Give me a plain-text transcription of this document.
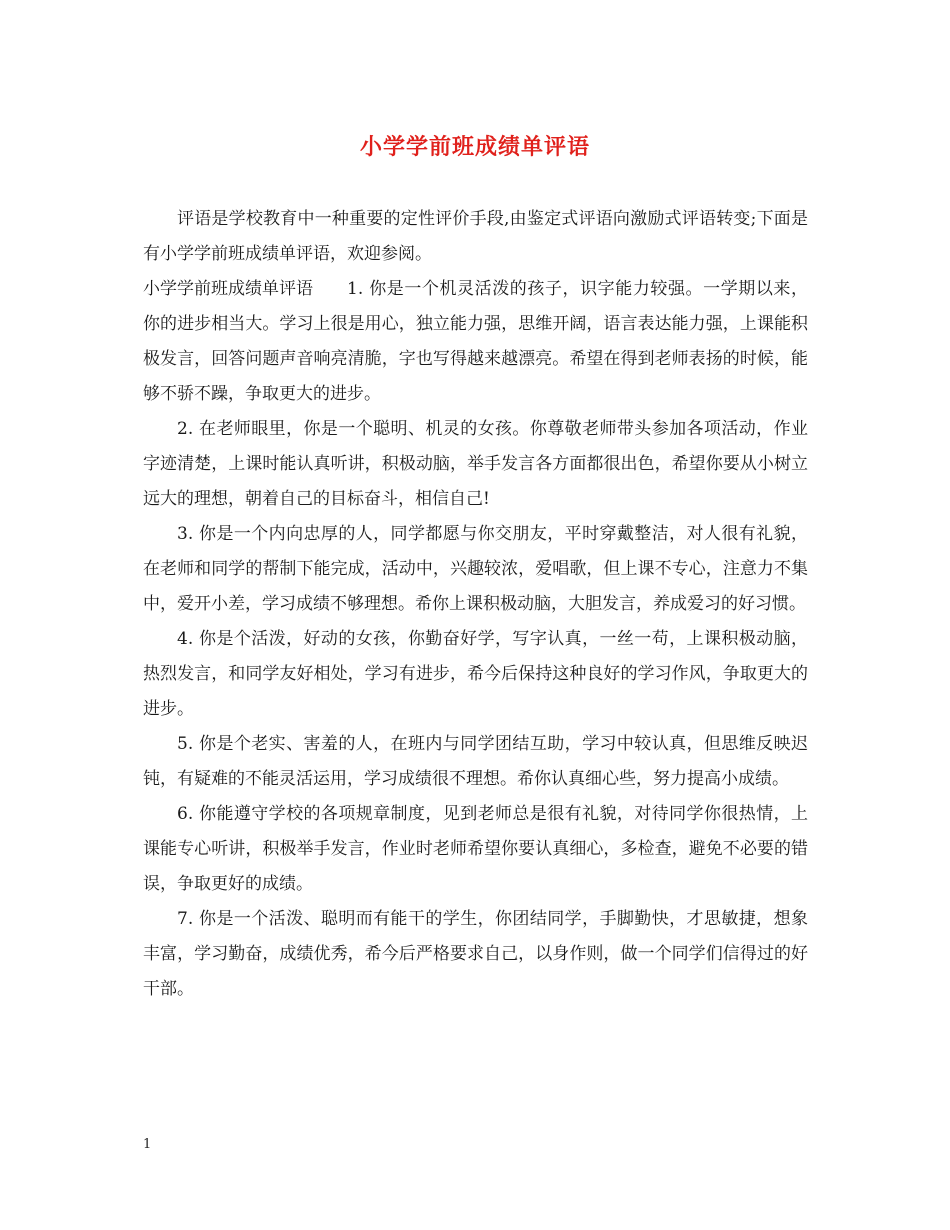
小学学前班成绩单评语

评语是学校教育中一种重要的定性评价手段,由鉴定式评语向激励式评语转变;下面是有小学学前班成绩单评语，欢迎参阅。

小学学前班成绩单评语 1. 你是一个机灵活泼的孩子，识字能力较强。一学期以来，你的进步相当大。学习上很是用心，独立能力强，思维开阔，语言表达能力强，上课能积极发言，回答问题声音响亮清脆，字也写得越来越漂亮。希望在得到老师表扬的时候，能够不骄不躁，争取更大的进步。

2. 在老师眼里，你是一个聪明、机灵的女孩。你尊敬老师带头参加各项活动，作业字迹清楚，上课时能认真听讲，积极动脑，举手发言各方面都很出色，希望你要从小树立远大的理想，朝着自己的目标奋斗，相信自己!

3. 你是一个内向忠厚的人，同学都愿与你交朋友，平时穿戴整洁，对人很有礼貌，在老师和同学的帮制下能完成，活动中，兴趣较浓，爱唱歌，但上课不专心，注意力不集中，爱开小差，学习成绩不够理想。希你上课积极动脑，大胆发言，养成爱习的好习惯。

4. 你是个活泼，好动的女孩，你勤奋好学，写字认真，一丝一苟，上课积极动脑，热烈发言，和同学友好相处，学习有进步，希今后保持这种良好的学习作风，争取更大的进步。

5. 你是个老实、害羞的人，在班内与同学团结互助，学习中较认真，但思维反映迟钝，有疑难的不能灵活运用，学习成绩很不理想。希你认真细心些，努力提高小成绩。

6. 你能遵守学校的各项规章制度，见到老师总是很有礼貌，对待同学你很热情，上课能专心听讲，积极举手发言，作业时老师希望你要认真细心，多检查，避免不必要的错误，争取更好的成绩。

7. 你是一个活泼、聪明而有能干的学生，你团结同学，手脚勤快，才思敏捷，想象丰富，学习勤奋，成绩优秀，希今后严格要求自己，以身作则，做一个同学们信得过的好干部。

1
